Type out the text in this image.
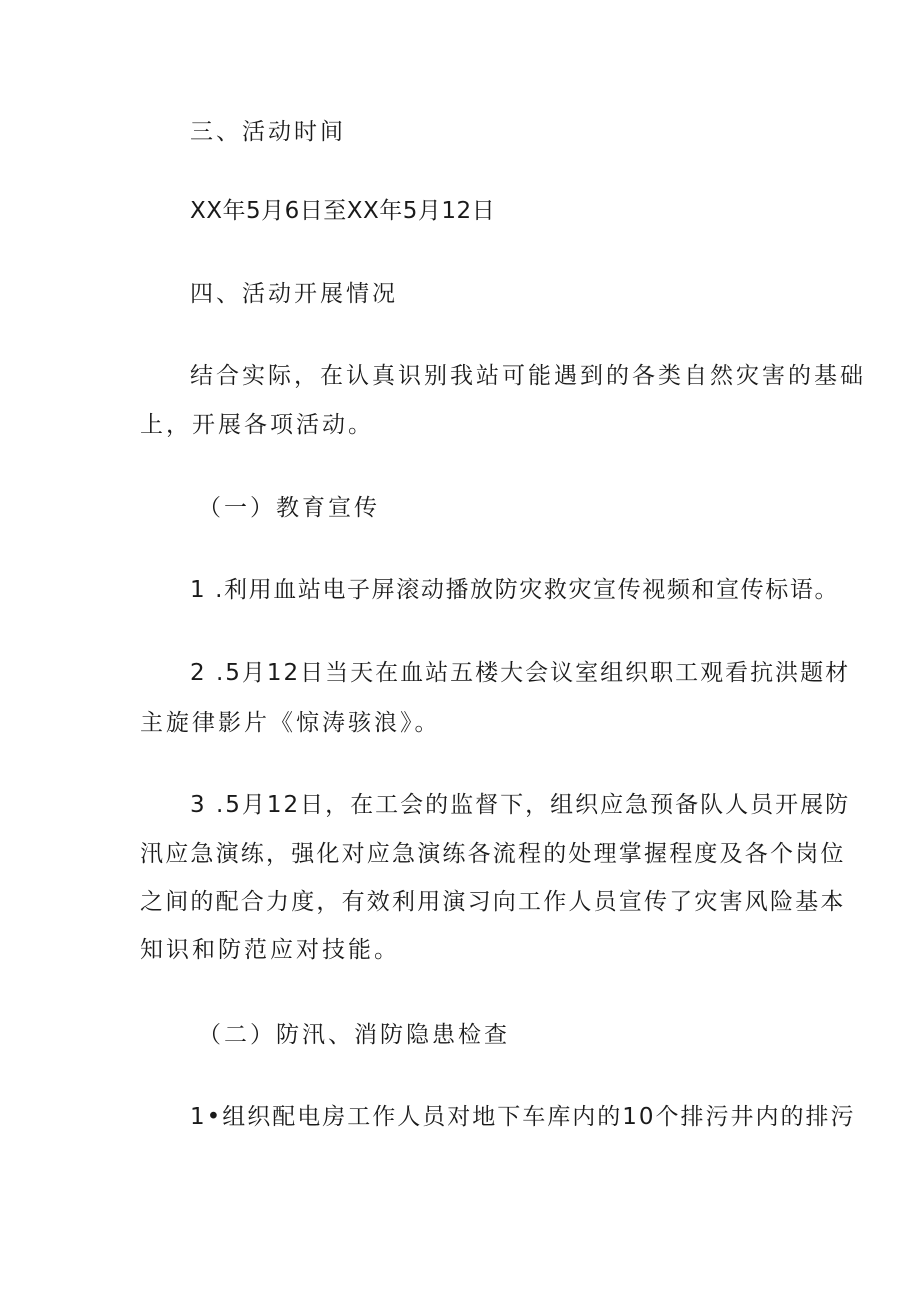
三、活动时间
XX年5月6日至XX年5月12日
四、活动开展情况
结合实际，在认真识别我站可能遇到的各类自然灾害的基础
上，开展各项活动。
（一）教育宣传
1 .利用血站电子屏滚动播放防灾救灾宣传视频和宣传标语。
2 .5月12日当天在血站五楼大会议室组织职工观看抗洪题材
主旋律影片《惊涛骇浪》。
3 .5月12日，在工会的监督下，组织应急预备队人员开展防
汛应急演练，强化对应急演练各流程的处理掌握程度及各个岗位
之间的配合力度，有效利用演习向工作人员宣传了灾害风险基本
知识和防范应对技能。
（二）防汛、消防隐患检查
1•组织配电房工作人员对地下车库内的10个排污井内的排污
